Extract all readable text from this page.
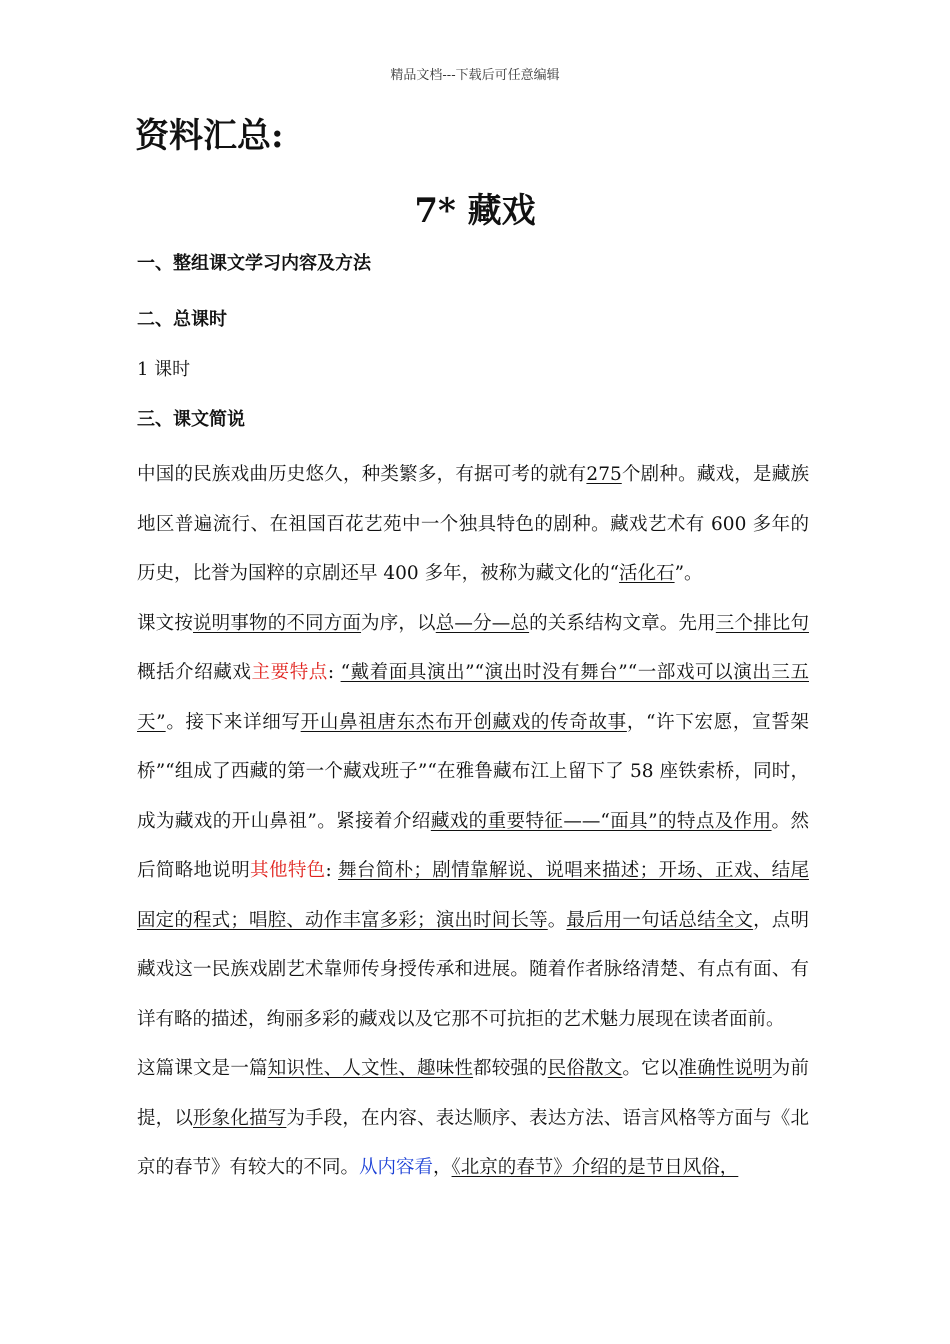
精品文档---下载后可任意编辑
资料汇总:
7* 藏戏

一、整组课文学习内容及方法

二、总课时

1 课时

三、课文简说

中国的民族戏曲历史悠久，种类繁多，有据可考的就有275个剧种。藏戏，是藏族地区普遍流行、在祖国百花艺苑中一个独具特色的剧种。藏戏艺术有 600 多年的历史，比誉为国粹的京剧还早 400 多年，被称为藏文化的“活化石”。

课文按说明事物的不同方面为序，以总—分—总的关系结构文章。先用三个排比句概括介绍藏戏主要特点: “戴着面具演出”“演出时没有舞台”“一部戏可以演出三五天”。接下来详细写开山鼻祖唐东杰布开创藏戏的传奇故事，“许下宏愿，宣誓架桥”“组成了西藏的第一个藏戏班子”“在雅鲁藏布江上留下了 58 座铁索桥，同时，成为藏戏的开山鼻祖”。紧接着介绍藏戏的重要特征——“面具”的特点及作用。然后简略地说明其他特色: 舞台简朴；剧情靠解说、说唱来描述；开场、正戏、结尾固定的程式；唱腔、动作丰富多彩；演出时间长等。最后用一句话总结全文，点明藏戏这一民族戏剧艺术靠师传身授传承和进展。随着作者脉络清楚、有点有面、有详有略的描述，绚丽多彩的藏戏以及它那不可抗拒的艺术魅力展现在读者面前。

这篇课文是一篇知识性、人文性、趣味性都较强的民俗散文。它以准确性说明为前提，以形象化描写为手段，在内容、表达顺序、表达方法、语言风格等方面与《北京的春节》有较大的不同。从内容看，《北京的春节》介绍的是节日风俗，
